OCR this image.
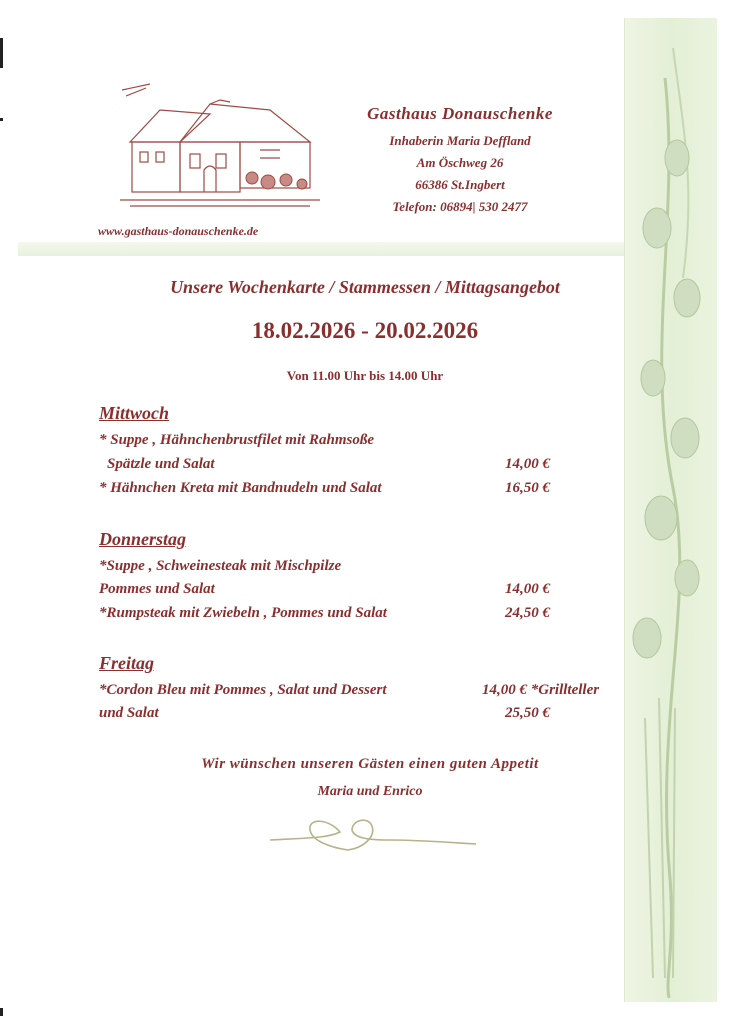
www.gasthaus-donauschenke.de
Gasthaus Donauschenke
Inhaberin Maria Deffland
Am Öschweg 26
66386 St.Ingbert
Telefon: 06894| 530 2477
Unsere Wochenkarte / Stammessen / Mittagsangebot
18.02.2026 - 20.02.2026
Von 11.00 Uhr bis 14.00 Uhr
Mittwoch
* Suppe , Hähnchenbrustfilet mit Rahmsoße
Spätzle und Salat	14,00 €
* Hähnchen Kreta mit Bandnudeln und Salat	16,50 €
Donnerstag
*Suppe , Schweinesteak mit Mischpilze
Pommes und Salat	14,00 €
*Rumpsteak mit Zwiebeln , Pommes und Salat	24,50 €
Freitag
*Cordon Bleu mit Pommes , Salat und Dessert	14,00 € *Grillteller
und Salat	25,50 €
Wir wünschen unseren Gästen einen guten Appetit
Maria und Enrico
